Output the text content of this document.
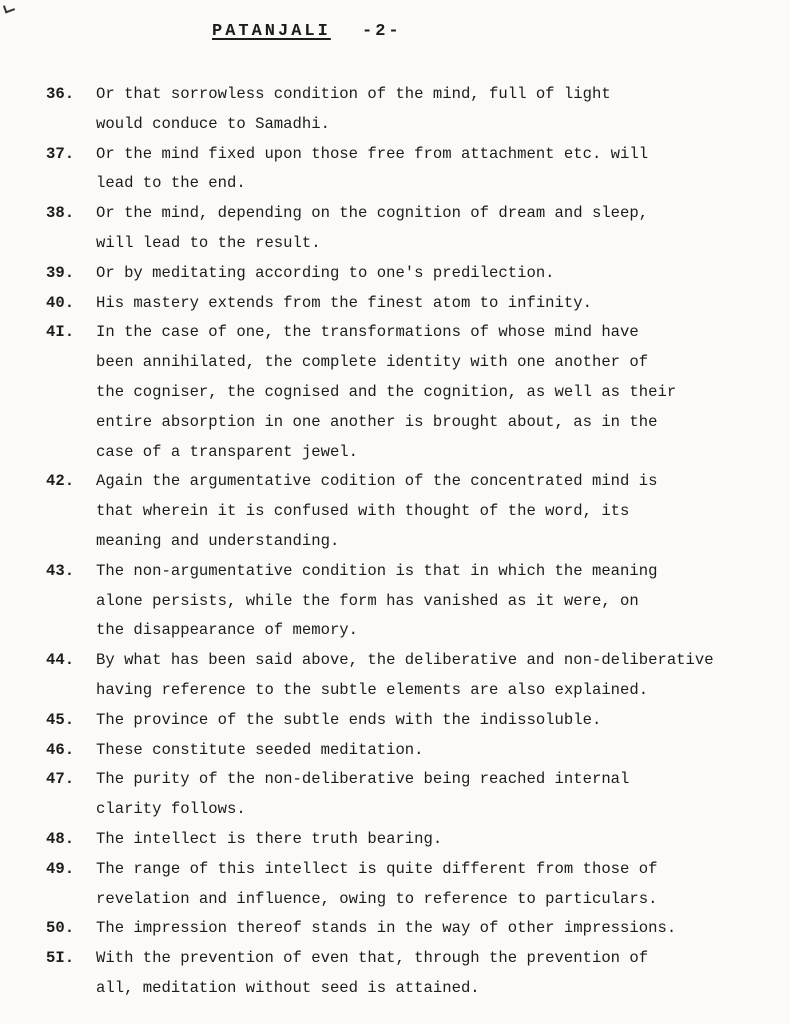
PATANJALI -2-
36. Or that sorrowless condition of the mind, full of light
would conduce to Samadhi.
37. Or the mind fixed upon those free from attachment etc. will
lead to the end.
38. Or the mind, depending on the cognition of dream and sleep,
will lead to the result.
39. Or by meditating according to one's predilection.
40. His mastery extends from the finest atom to infinity.
4I. In the case of one, the transformations of whose mind have
been annihilated, the complete identity with one another of
the cogniser, the cognised and the cognition, as well as their
entire absorption in one another is brought about, as in the
case of a transparent jewel.
42. Again the argumentative codition of the concentrated mind is
that wherein it is confused with thought of the word, its
meaning and understanding.
43. The non-argumentative condition is that in which the meaning
alone persists, while the form has vanished as it were, on
the disappearance of memory.
44. By what has been said above, the deliberative and non-deliberative
having reference to the subtle elements are also explained.
45. The province of the subtle ends with the indissoluble.
46. These constitute seeded meditation.
47. The purity of the non-deliberative being reached internal
clarity follows.
48. The intellect is there truth bearing.
49. The range of this intellect is quite different from those of
revelation and influence, owing to reference to particulars.
50. The impression thereof stands in the way of other impressions.
5I. With the prevention of even that, through the prevention of
all, meditation without seed is attained.
